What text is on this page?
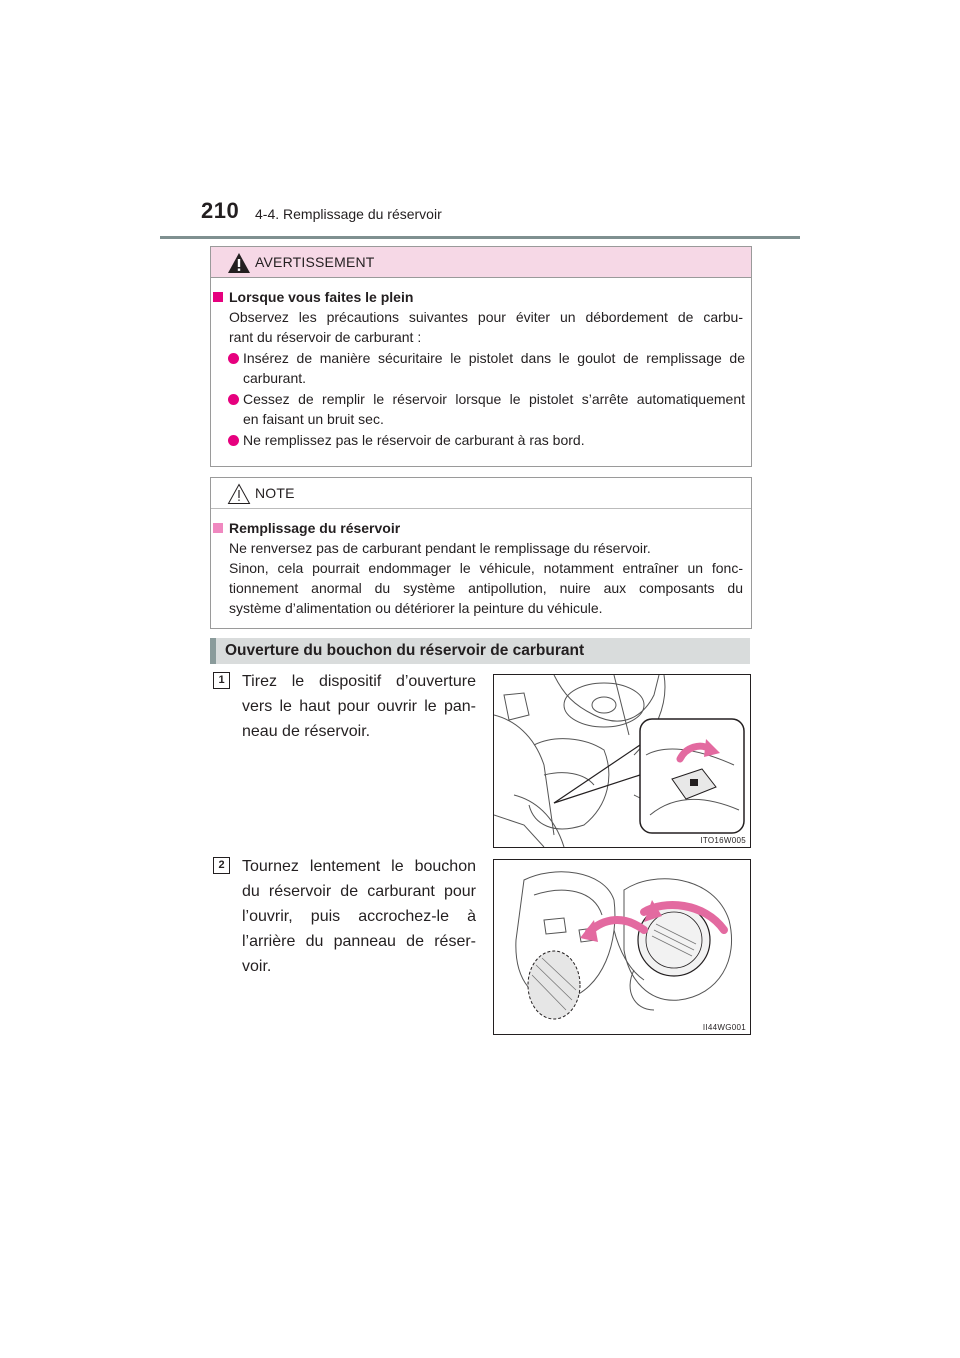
210 4-4. Remplissage du réservoir
AVERTISSEMENT
Lorsque vous faites le plein
Observez les précautions suivantes pour éviter un débordement de carbu-
rant du réservoir de carburant :
Insérez de manière sécuritaire le pistolet dans le goulot de remplissage de
carburant.
Cessez de remplir le réservoir lorsque le pistolet s’arrête automatiquement
en faisant un bruit sec.
Ne remplissez pas le réservoir de carburant à ras bord.
NOTE
Remplissage du réservoir
Ne renversez pas de carburant pendant le remplissage du réservoir.
Sinon, cela pourrait endommager le véhicule, notamment entraîner un fonc-
tionnement anormal du système antipollution, nuire aux composants du
système d’alimentation ou détériorer la peinture du véhicule.
Ouverture du bouchon du réservoir de carburant
1	Tirez le dispositif d’ouverture
vers le haut pour ouvrir le pan-
neau de réservoir.
ITO16W005
2	Tournez lentement le bouchon
du réservoir de carburant pour
l’ouvrir, puis accrochez-le à
l’arrière du panneau de réser-
voir.
II44WG001
